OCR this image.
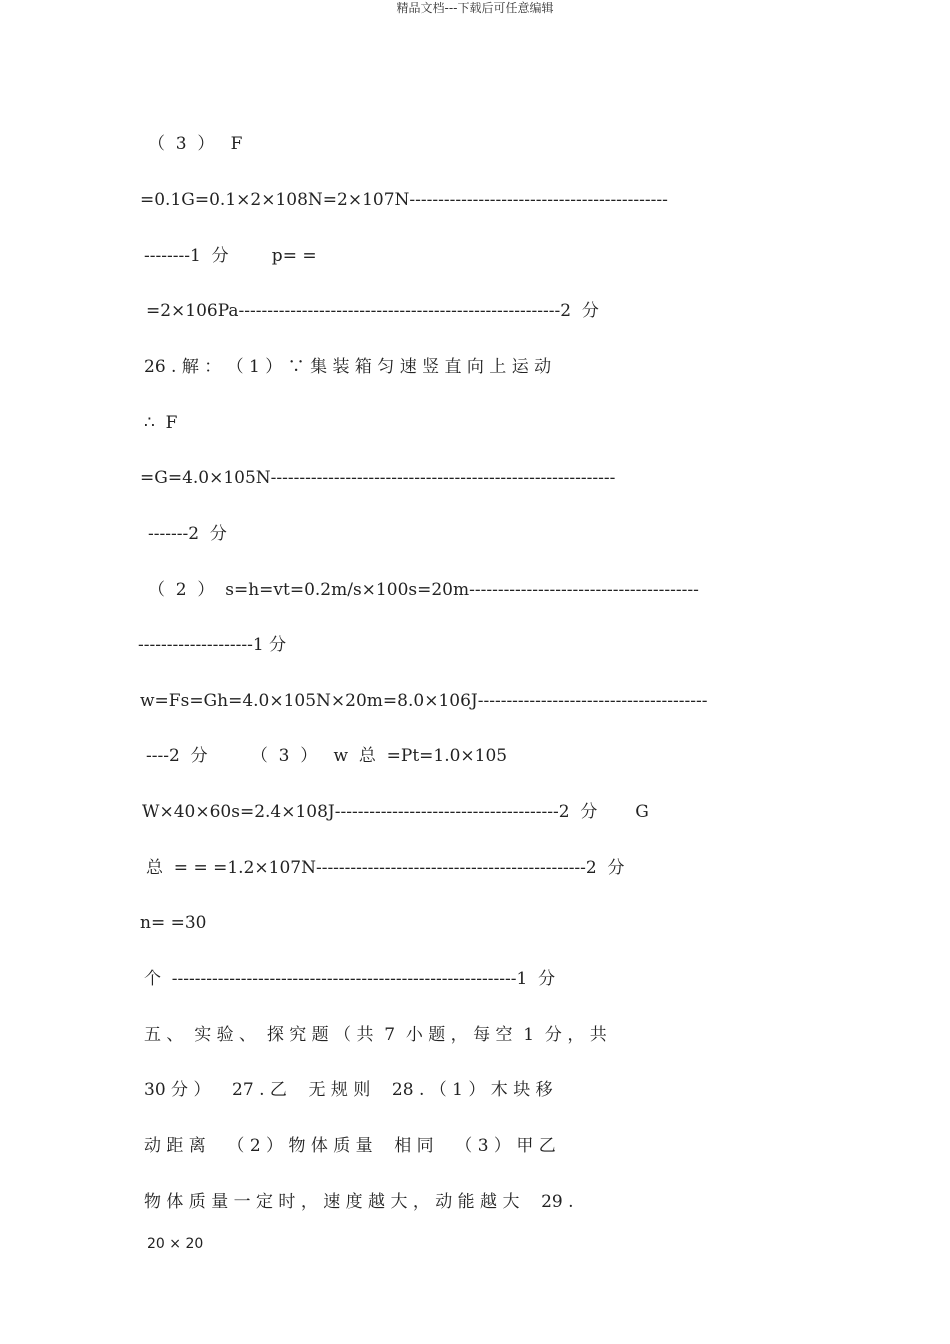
精品文档---下载后可任意编辑
（  3  ）   F
=0.1G=0.1×2×108N=2×107N---------------------------------------------
--------1  分        p= =
=2×106Pa--------------------------------------------------------2  分
26 . 解 ： （ 1 ） ∵ 集 装 箱 匀 速 竖 直 向 上 运 动
∴  F
=G=4.0×105N------------------------------------------------------------
-------2  分
（  2  ）  s=h=vt=0.2m/s×100s=20m----------------------------------------
--------------------1 分
w=Fs=Gh=4.0×105N×20m=8.0×106J----------------------------------------
----2  分        （  3  ）   w  总  =Pt=1.0×105
W×40×60s=2.4×108J---------------------------------------2  分       G
总  = = =1.2×107N-----------------------------------------------2  分
n= =30
个  ------------------------------------------------------------1  分
五 、  实 验 、  探 究 题 （ 共  7  小 题 ， 每 空  1  分 ， 共
30 分 ）    27 . 乙    无 规 则    28 . （ 1 ） 木 块 移
动 距 离    （ 2 ） 物 体 质 量    相 同    （ 3 ） 甲 乙
物 体 质 量 一 定 时 ， 速 度 越 大 ， 动 能 越 大    29 .
20 × 20
